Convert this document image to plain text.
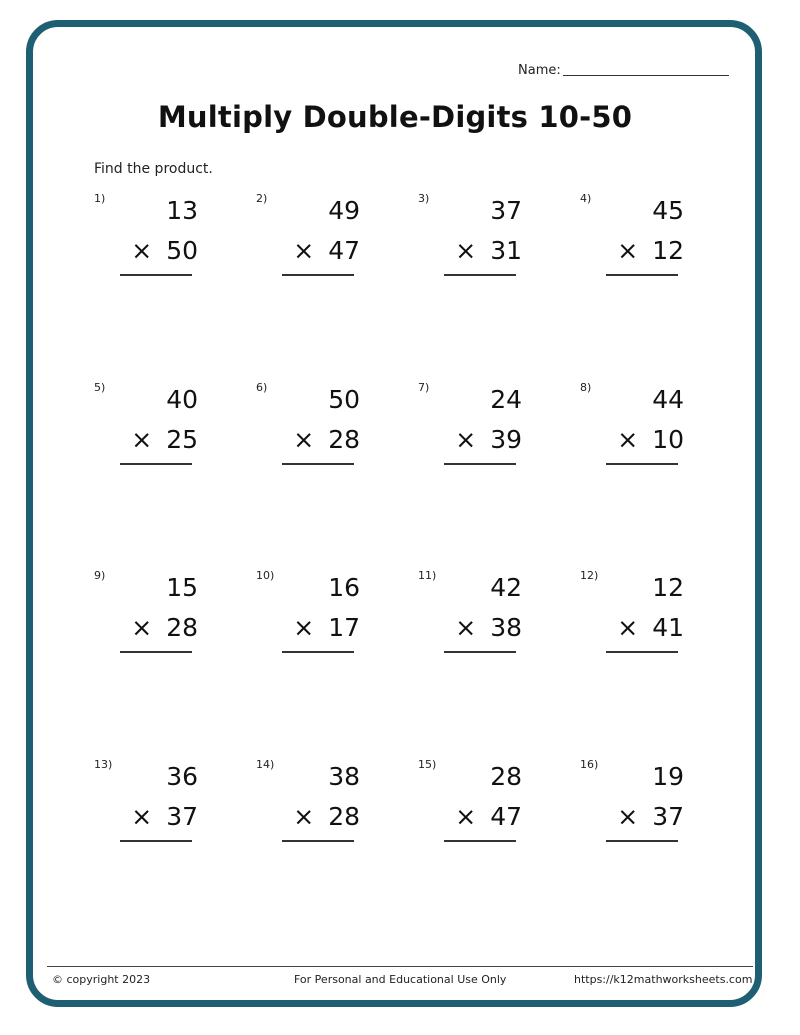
Name:
Multiply Double-Digits 10-50
Find the product.
1) 13
× 50
2) 49
× 47
3) 37
× 31
4) 45
× 12
5) 40
× 25
6) 50
× 28
7) 24
× 39
8) 44
× 10
9) 15
× 28
10) 16
× 17
11) 42
× 38
12) 12
× 41
13) 36
× 37
14) 38
× 28
15) 28
× 47
16) 19
× 37
© copyright 2023	For Personal and Educational Use Only	https://k12mathworksheets.com
